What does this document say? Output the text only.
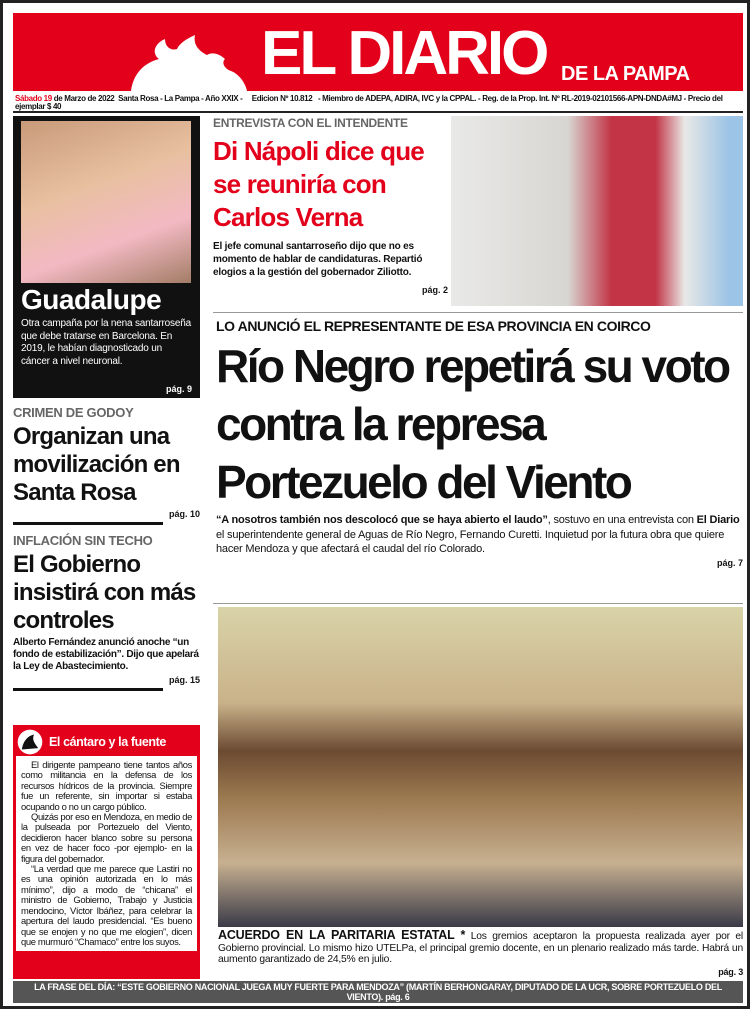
EL DIARIO DE LA PAMPA
Sábado 19 de Marzo de 2022  Santa Rosa - La Pampa - Año XXIX -     Edicion Nº 10.812   - Miembro de ADEPA, ADIRA, IVC y la CPPAL. - Reg. de la Prop. Int. Nº RL-2019-02101566-APN-DNDA#MJ - Precio del ejemplar $ 40
Guadalupe
Otra campaña por la nena santarroseña que debe tratarse en Barcelona. En 2019, le habían diagnosticado un cáncer a nivel neuronal.
pág. 9
CRIMEN DE GODOY
Organizan una movilización en Santa Rosa
pág. 10
INFLACIÓN SIN TECHO
El Gobierno insistirá con más controles
Alberto Fernández anunció anoche “un fondo de estabilización”. Dijo que apelará la Ley de Abastecimiento.
pág. 15
El cántaro y la fuente

El dirigente pampeano tiene tantos años como militancia en la defensa de los recursos hídricos de la provincia. Siempre fue un referente, sin importar si estaba ocupando o no un cargo público.

Quizás por eso en Mendoza, en medio de la pulseada por Portezuelo del Viento, decidieron hacer blanco sobre su persona en vez de hacer foco -por ejemplo- en la figura del gobernador.

“La verdad que me parece que Lastiri no es una opinión autorizada en lo más mínimo”, dijo a modo de “chicana” el ministro de Gobierno, Trabajo y Justicia mendocino, Víctor Ibáñez, para celebrar la apertura del laudo presidencial. “Es bueno que se enojen y no que me elogien”, dicen que murmuró “Chamaco” entre los suyos.

ENTREVISTA CON EL INTENDENTE
Di Nápoli dice que se reuniría con Carlos Verna
El jefe comunal santarroseño dijo que no es momento de hablar de candidaturas. Repartió elogios a la gestión del gobernador Ziliotto.
pág. 2
LO ANUNCIÓ EL REPRESENTANTE DE ESA PROVINCIA EN COIRCO
Río Negro repetirá su voto contra la represa Portezuelo del Viento
“A nosotros también nos descolocó que se haya abierto el laudo”, sostuvo en una entrevista con El Diario el superintendente general de Aguas de Río Negro, Fernando Curetti. Inquietud por la futura obra que quiere hacer Mendoza y que afectará el caudal del río Colorado.
pág. 7
ACUERDO EN LA PARITARIA ESTATAL * Los gremios aceptaron la propuesta realizada ayer por el Gobierno provincial. Lo mismo hizo UTELPa, el principal gremio docente, en un plenario realizado más tarde. Habrá un aumento garantizado de 24,5% en julio.
pág. 3
LA FRASE DEL DÍA: “ESTE GOBIERNO NACIONAL JUEGA MUY FUERTE PARA MENDOZA” (MARTÍN BERHONGARAY, DIPUTADO DE LA UCR, SOBRE PORTEZUELO DEL VIENTO). pág. 6
